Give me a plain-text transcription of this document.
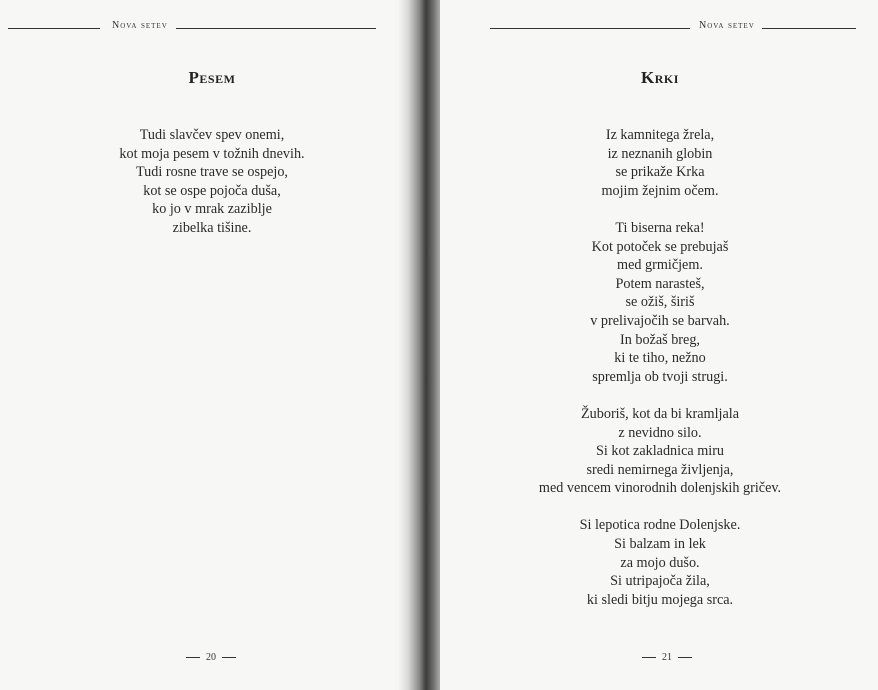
Nova setev
Pesem
Tudi slavčev spev onemi,
kot moja pesem v tožnih dnevih.
Tudi rosne trave se ospejo,
kot se ospe pojoča duša,
ko jo v mrak zaziblje
zibelka tišine.
20
Nova setev
Krki
Iz kamnitega žrela,
iz neznanih globin
se prikaže Krka
mojim žejnim očem.
Ti biserna reka!
Kot potoček se prebujaš
med grmičjem.
Potem narasteš,
se ožiš, širiš
v prelivajočih se barvah.
In božaš breg,
ki te tiho, nežno
spremlja ob tvoji strugi.
Žuboriš, kot da bi kramljala
z nevidno silo.
Si kot zakladnica miru
sredi nemirnega življenja,
med vencem vinorodnih dolenjskih gričev.
Si lepotica rodne Dolenjske.
Si balzam in lek
za mojo dušo.
Si utripajoča žila,
ki sledi bitju mojega srca.
21
